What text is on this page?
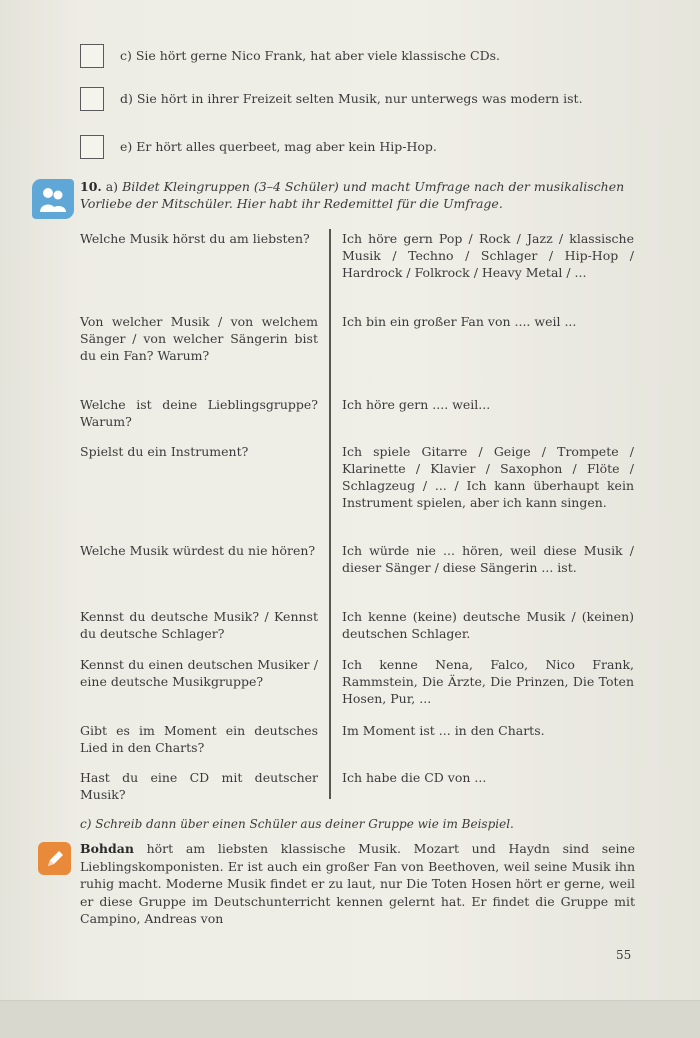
c) Sie hört gerne Nico Frank, hat aber viele klassische CDs.
d) Sie hört in ihrer Freizeit selten Musik, nur unterwegs was modern ist.
e) Er hört alles querbeet, mag aber kein Hip-Hop.
10. a) Bildet Kleingruppen (3–4 Schüler) und macht Umfrage nach der musikalischen Vorliebe der Mitschüler. Hier habt ihr Redemittel für die Umfrage.
Welche Musik hörst du am liebsten?	Ich höre gern Pop / Rock / Jazz / klassische Musik / Techno / Schlager / Hip-Hop / Hardrock / Folkrock / Heavy Metal / ...
Von welcher Musik / von welchem Sänger / von welcher Sängerin bist du ein Fan? Warum?
Ich bin ein großer Fan von .... weil ...
Welche ist deine Lieblingsgruppe? Warum?
Ich höre gern .... weil...
Spielst du ein Instrument?	Ich spiele Gitarre / Geige / Trompete / Klarinette / Klavier / Saxophon / Flöte / Schlagzeug / ... / Ich kann überhaupt kein Instrument spielen, aber ich kann singen.
Welche Musik würdest du nie hören? Ich würde nie ... hören, weil diese Musik / dieser Sänger / diese Sängerin ... ist.
Kennst du deutsche Musik? / Kennst du deutsche Schlager?
Ich kenne (keine) deutsche Musik / (keinen) deutschen Schlager.
Kennst du einen deutschen Musiker / eine deutsche Musikgruppe?
Ich kenne Nena, Falco, Nico Frank, Rammstein, Die Ärzte, Die Prinzen, Die Toten Hosen, Pur, ...
Gibt es im Moment ein deutsches Lied in den Charts?
Im Moment ist ... in den Charts.
Hast du eine CD mit deutscher Musik?
Ich habe die CD von ...
c) Schreib dann über einen Schüler aus deiner Gruppe wie im Beispiel.
Bohdan hört am liebsten klassische Musik. Mozart und Haydn sind seine Lieblingskomponisten. Er ist auch ein großer Fan von Beethoven, weil seine Musik ihn ruhig macht. Moderne Musik findet er zu laut, nur Die Toten Hosen hört er gerne, weil er diese Gruppe im Deutschunterricht kennen gelernt hat. Er findet die Gruppe mit Campino, Andreas von
55
